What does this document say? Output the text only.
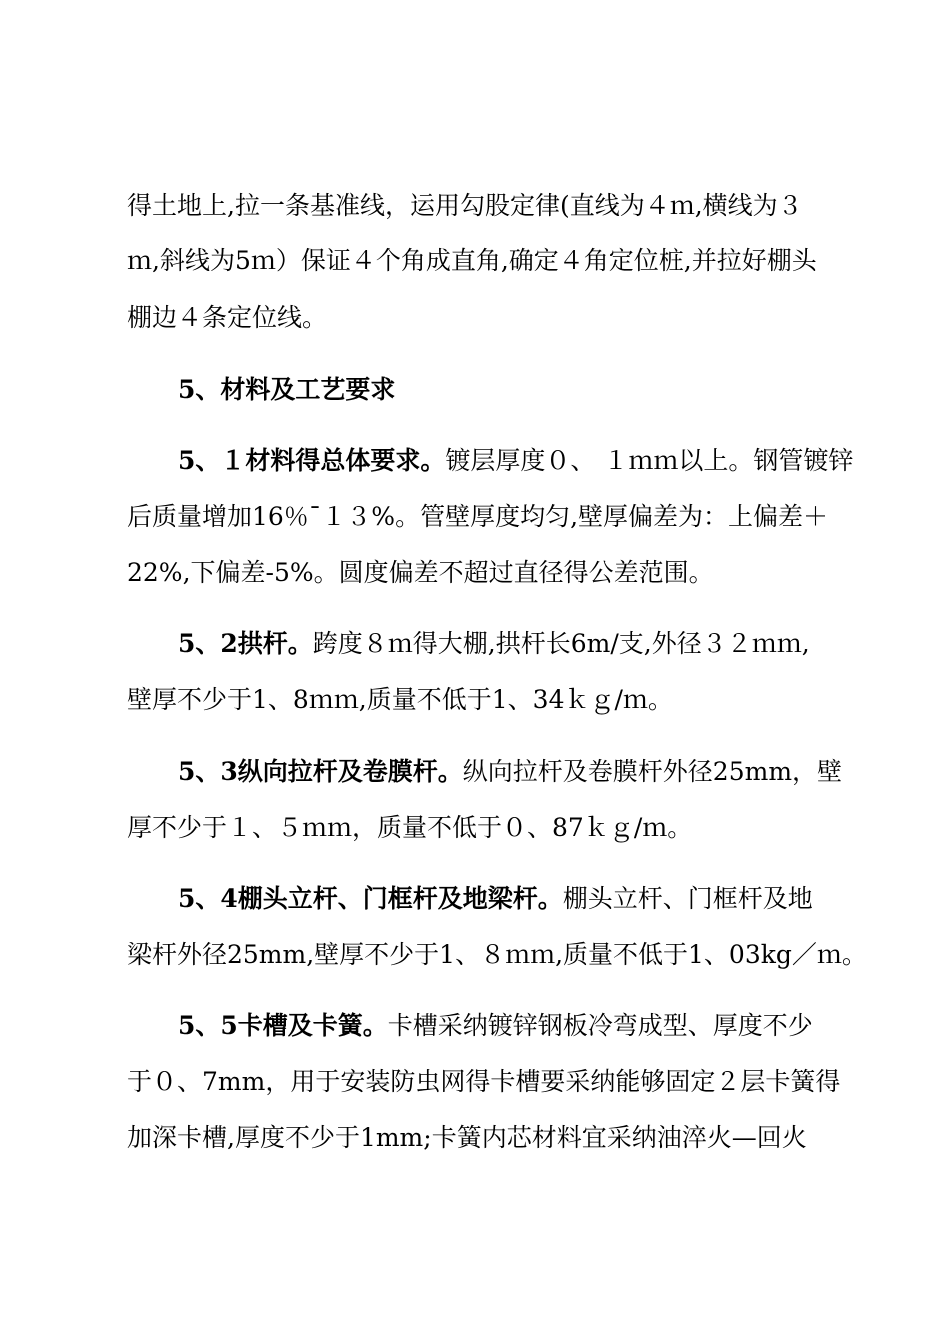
得土地上,拉一条基准线，运用勾股定律(直线为４ｍ,横线为３
ｍ,斜线为5ｍ）保证４个角成直角,确定４角定位桩,并拉好棚头
棚边４条定位线。
5、材料及工艺要求
5、１材料得总体要求。镀层厚度０、 １ｍｍ以上。钢管镀锌
后质量增加16％¯１３%。管壁厚度均匀,壁厚偏差为：上偏差＋
22%,下偏差-5%。圆度偏差不超过直径得公差范围。
5、2拱杆。跨度８ｍ得大棚,拱杆长6m/支,外径３２ｍｍ,
壁厚不少于1、8ｍｍ,质量不低于1、34ｋｇ/ｍ。
5、3纵向拉杆及卷膜杆。纵向拉杆及卷膜杆外径25mm，壁
厚不少于１、５ｍｍ，质量不低于０、87ｋｇ/ｍ。
5、4棚头立杆、门框杆及地梁杆。棚头立杆、门框杆及地
梁杆外径25mm,壁厚不少于1、８ｍｍ,质量不低于1、03kg／ｍ。
5、5卡槽及卡簧。卡槽采纳镀锌钢板冷弯成型、厚度不少
于０、7mm，用于安装防虫网得卡槽要采纳能够固定２层卡簧得
加深卡槽,厚度不少于1mm;卡簧内芯材料宜采纳油淬火—回火
